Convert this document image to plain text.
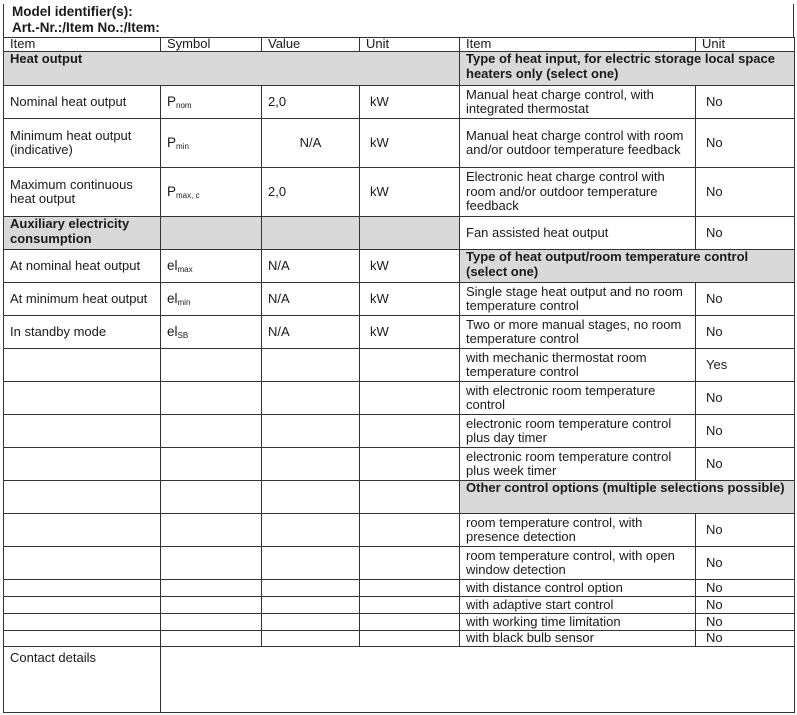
Model identifier(s):
Art.-Nr.:/Item No.:/Item:
Item	Symbol	Value	Unit	Item	Unit
Heat output				Type of heat input, for electric storage local space heaters only (select one)	
Nominal heat output	$P_{nom}$	2,0	kW	Manual heat charge control, with integrated thermostat	No
Minimum heat output (indicative)	$P_{min}$	N/A	kW	Manual heat charge control with room and/or outdoor temperature feedback	No
Maximum continuous heat output	$P_{max, c}$	2,0	kW	Electronic heat charge control with room and/or outdoor temperature feedback	No
Auxiliary electricity consumption				Fan assisted heat output	No
At nominal heat output	$el_{max}$	N/A	kW	Type of heat output/room temperature control (select one)	
At minimum heat output	$el_{min}$	N/A	kW	Single stage heat output and no room temperature control	No
In standby mode	$el_{SB}$	N/A	kW	Two or more manual stages, no room temperature control	No
				with mechanic thermostat room temperature control	Yes
				with electronic room temperature control	No
				electronic room temperature control plus day timer	No
				electronic room temperature control plus week timer	No
				Other control options (multiple selections possible)	
				room temperature control, with presence detection	No
				room temperature control, with open window detection	No
				with distance control option	No
				with adaptive start control	No
				with working time limitation	No
				with black bulb sensor	No
Contact details					
